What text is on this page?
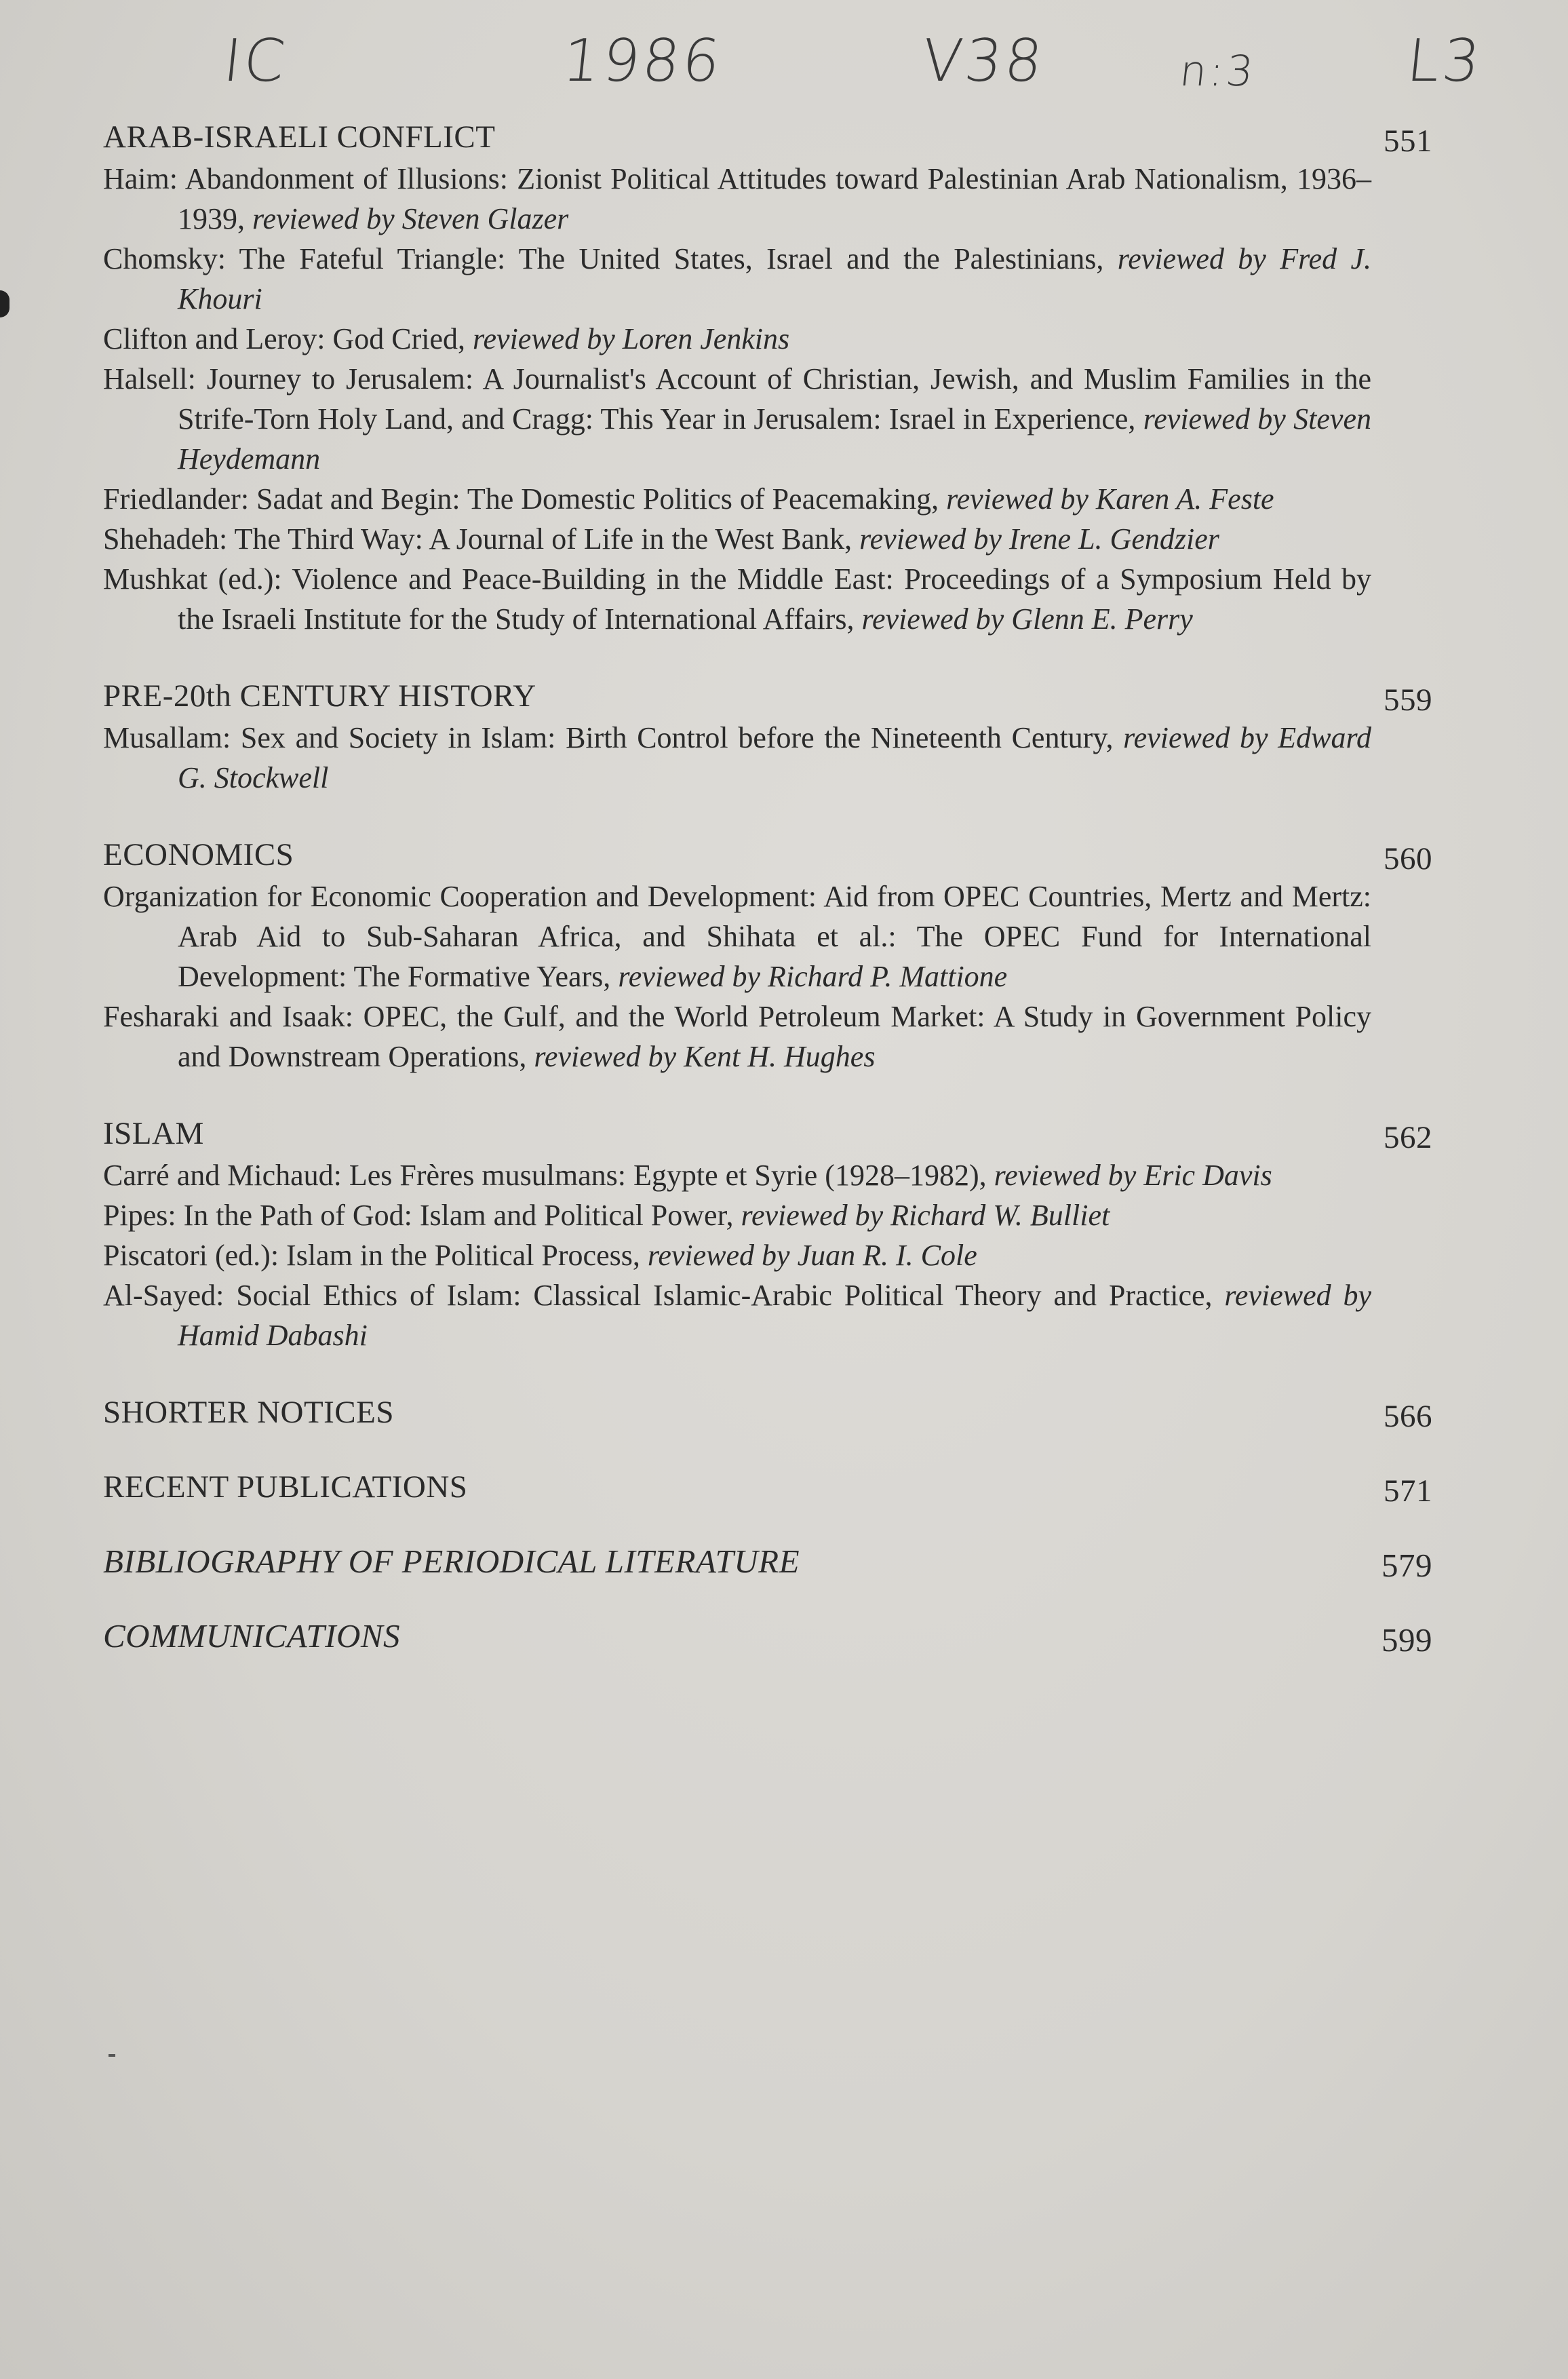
IC	1986	V38	n:3 L3
ARAB-ISRAELI CONFLICT	551
Haim: Abandonment of Illusions: Zionist Political Attitudes toward Palestinian Arab Nationalism, 1936–1939, reviewed by Steven Glazer
Chomsky: The Fateful Triangle: The United States, Israel and the Palestinians, reviewed by Fred J. Khouri
Clifton and Leroy: God Cried, reviewed by Loren Jenkins
Halsell: Journey to Jerusalem: A Journalist's Account of Christian, Jewish, and Muslim Families in the Strife-Torn Holy Land, and Cragg: This Year in Jerusalem: Israel in Experience, reviewed by Steven Heydemann
Friedlander: Sadat and Begin: The Domestic Politics of Peacemaking, reviewed by Karen A. Feste
Shehadeh: The Third Way: A Journal of Life in the West Bank, reviewed by Irene L. Gendzier
Mushkat (ed.): Violence and Peace-Building in the Middle East: Proceedings of a Symposium Held by the Israeli Institute for the Study of International Affairs, reviewed by Glenn E. Perry
PRE-20th CENTURY HISTORY	559
Musallam: Sex and Society in Islam: Birth Control before the Nineteenth Century, reviewed by Edward G. Stockwell
ECONOMICS	560
Organization for Economic Cooperation and Development: Aid from OPEC Countries, Mertz and Mertz: Arab Aid to Sub-Saharan Africa, and Shihata et al.: The OPEC Fund for International Development: The Formative Years, reviewed by Richard P. Mattione
Fesharaki and Isaak: OPEC, the Gulf, and the World Petroleum Market: A Study in Government Policy and Downstream Operations, reviewed by Kent H. Hughes
ISLAM	562
Carré and Michaud: Les Frères musulmans: Egypte et Syrie (1928–1982), reviewed by Eric Davis
Pipes: In the Path of God: Islam and Political Power, reviewed by Richard W. Bulliet
Piscatori (ed.): Islam in the Political Process, reviewed by Juan R. I. Cole
Al-Sayed: Social Ethics of Islam: Classical Islamic-Arabic Political Theory and Practice, reviewed by Hamid Dabashi
SHORTER NOTICES	566
RECENT PUBLICATIONS	571
BIBLIOGRAPHY OF PERIODICAL LITERATURE	579
COMMUNICATIONS	599
